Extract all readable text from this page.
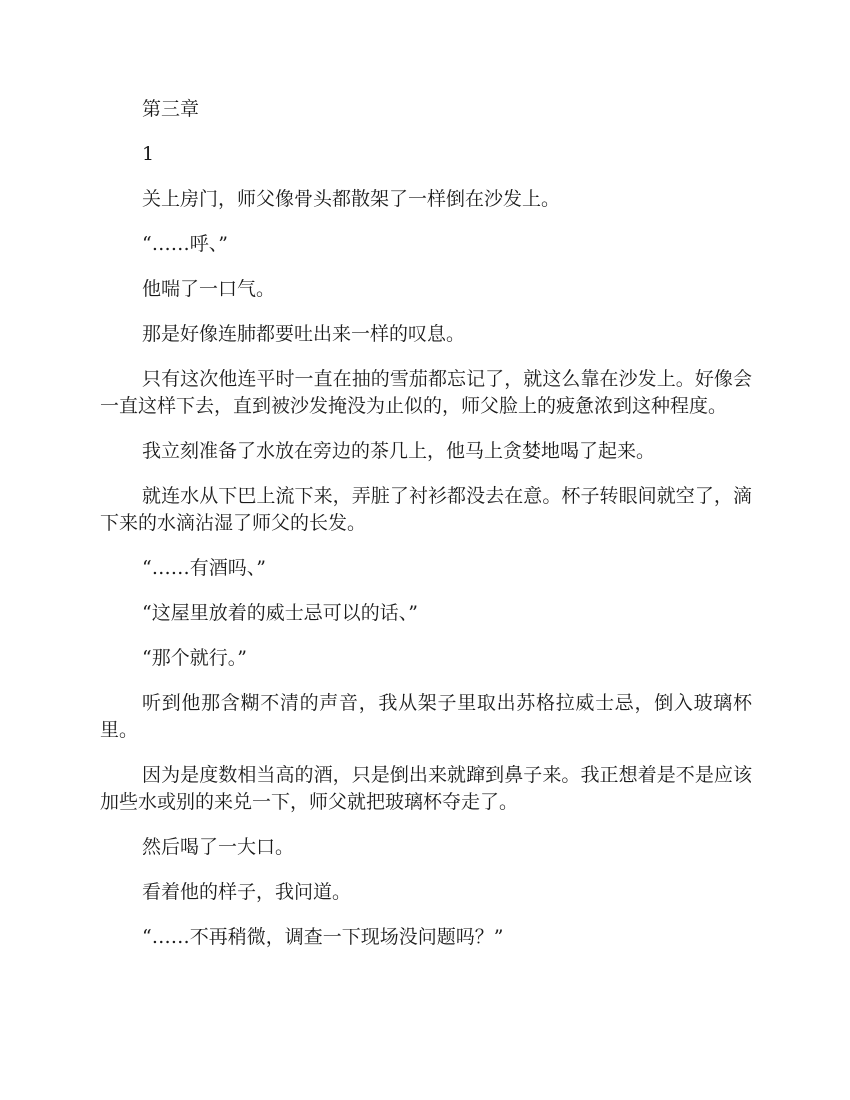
第三章

1

关上房门，师父像骨头都散架了一样倒在沙发上。

“……呼、”

他喘了一口气。

那是好像连肺都要吐出来一样的叹息。

只有这次他连平时一直在抽的雪茄都忘记了，就这么靠在沙发上。好像会一直这样下去，直到被沙发掩没为止似的，师父脸上的疲惫浓到这种程度。

我立刻准备了水放在旁边的茶几上，他马上贪婪地喝了起来。

就连水从下巴上流下来，弄脏了衬衫都没去在意。杯子转眼间就空了，滴下来的水滴沾湿了师父的长发。

“……有酒吗、”

“这屋里放着的威士忌可以的话、”

“那个就行。”

听到他那含糊不清的声音，我从架子里取出苏格拉威士忌，倒入玻璃杯里。

因为是度数相当高的酒，只是倒出来就蹿到鼻子来。我正想着是不是应该加些水或别的来兑一下，师父就把玻璃杯夺走了。

然后喝了一大口。

看着他的样子，我问道。

“……不再稍微，调查一下现场没问题吗？”
